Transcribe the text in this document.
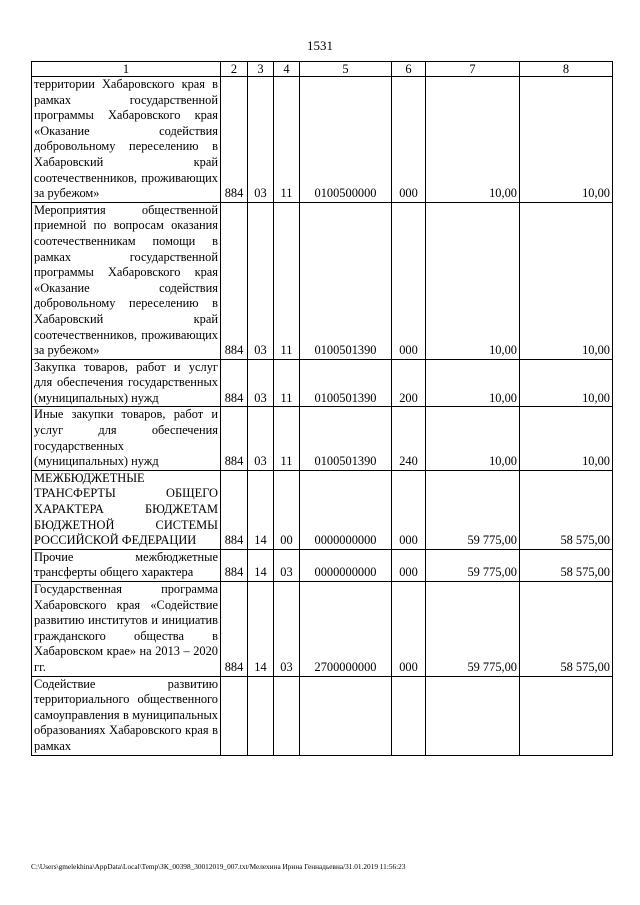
1531
1	2	3	4	5	6	7	8
территории Хабаровского края в рамках государственной программы Хабаровского края «Оказание содействия добровольному переселению в Хабаровский край соотечественников, проживающих за рубежом»	884	03	11	0100500000	000	10,00	10,00
Мероприятия общественной приемной по вопросам оказания соотечественникам помощи в рамках государственной программы Хабаровского края «Оказание содействия добровольному переселению в Хабаровский край соотечественников, проживающих за рубежом»	884	03	11	0100501390	000	10,00	10,00
Закупка товаров, работ и услуг для обеспечения государственных (муниципальных) нужд	884	03	11	0100501390	200	10,00	10,00
Иные закупки товаров, работ и услуг для обеспечения государственных (муниципальных) нужд	884	03	11	0100501390	240	10,00	10,00
МЕЖБЮДЖЕТНЫЕ ТРАНСФЕРТЫ ОБЩЕГО ХАРАКТЕРА БЮДЖЕТАМ БЮДЖЕТНОЙ СИСТЕМЫ РОССИЙСКОЙ ФЕДЕРАЦИИ	884	14	00	0000000000	000	59 775,00	58 575,00
Прочие межбюджетные трансферты общего характера	884	14	03	0000000000	000	59 775,00	58 575,00
Государственная программа Хабаровского края «Содействие развитию институтов и инициатив гражданского общества в Хабаровском крае» на 2013 – 2020 гг.	884	14	03	2700000000	000	59 775,00	58 575,00
Содействие развитию территориального общественного самоуправления в муниципальных образованиях Хабаровского края в рамках							
C:\Users\gmelekhina\AppData\Local\Temp\ЗК_00398_30012019_007.txt/Мелехина Ирина Геннадьевна/31.01.2019 11:56:23
